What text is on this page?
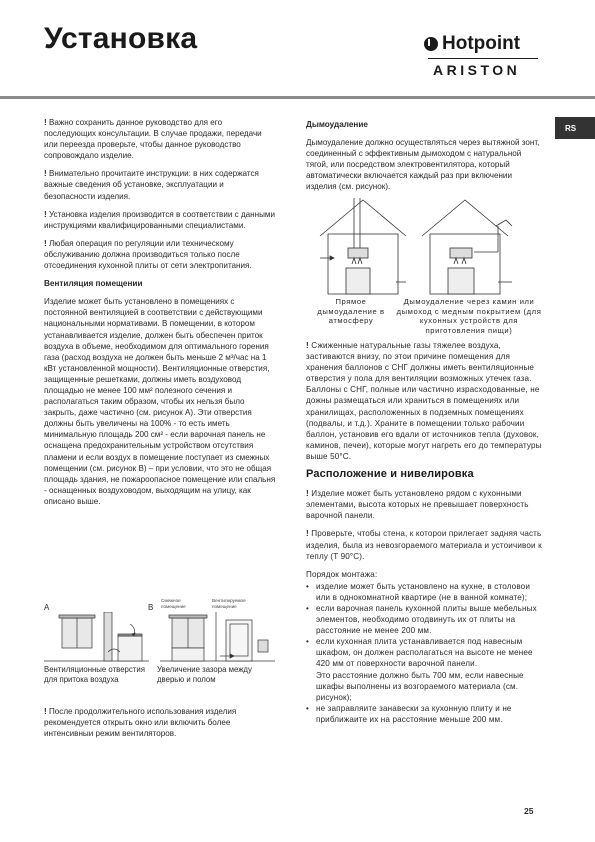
Установка	Hotpoint
ARISTON
RS

! Важно сохранить данное руководство для его последующих консультации. В случае продажи, передачи или переезда проверьте, чтобы данное руководство сопровождало изделие.

! Внимательно прочитаите инструкции: в них содержатся важные сведения об установке, эксплуатации и безопасности изделия.

! Установка изделия производится в соответствии с данными инструкциями квалифицированными специалистами.

! Любая операция по регуляции или техническому обслуживанию должна производиться только после отсоединения кухонной плиты от сети электропитания.

Вентиляция помещении

Изделие может быть установлено в помещениях с постоянной вентиляцией в соответствии с действующими национальными нормативами. В помещении, в котором устанавливается изделие, должен быть обеспечен приток воздуха в объеме, необходимом для оптимального горения газа (расход воздуха не должен быть меньше 2 м³/час на 1 кВт установленной мощности). Вентиляционные отверстия, защищенные решетками, должны иметь воздуховод площадью не менее 100 мм² полезного сечения и располагаться таким образом, чтобы их нельзя было закрыть, даже частично (см. рисунок А). Эти отверстия должны быть увеличены на 100% - то есть иметь минимальную площадь 200 см² - если варочная панель не оснащена предохранительным устройством отсутствия пламени и если воздух в помещение поступает из смежных помещении (см. рисунок В) – при условии, что это не общая площадь здания, не пожароопасное помещение или спальня - оснащенных воздуховодом, выходящим на улицу, как описано выше.

A	B
Смежное помещение
Вентилируемое помещение
Вентиляционные отверстия для притока воздуха
Увеличение зазора между дверью и полом

! После продолжительного использования изделия рекомендуется открыть окно или включить более интенсивныи режим вентиляторов.

Дымоудаление

Дымоудаление должно осуществляться через вытяжной зонт, соединенный с эффективным дымоходом с натуральной тягой, или посредством электровентилятора, который автоматически включается каждый раз при включении изделия (см. рисунок).

Прямое дымоудаление в атмосферу
Дымоудаление через камин или дымоход с медным покрытием (для кухонных устройств для приготовления пищи)

! Сжиженные натуральные газы тяжелее воздуха, застиваются внизу, по этои причине помещения для хранения баллонов с СНГ должны иметь вентиляционные отверстия у пола для вентиляции возможных утечек газа. Баллоны с СНГ, полные или частично израсходованные, не дожны размещаться или храниться в помещениях или хранилищах, расположенных в подземных помещениях (подвалы, и т.д.). Храните в помещении только рабочии баллон, установив его вдали от источников тепла (духовок, каминов, печеи), которые могут нагреть его до температуры выше 50°С.

Расположение и нивелировка

! Изделие может быть установлено рядом с кухонными элементами, высота которых не превышает поверхность варочной панели.

! Проверьте, чтобы стена, к которои прилегает задняя часть изделия, была из невозгораемого материала и устоичивои к теплу (T 90°С).

Порядок монтажа:
• изделие может быть установлено на кухне, в столовои или в однокомнатной квартире (не в ванной комнате);
• если варочная панель кухонной плиты выше мебельных элементов, необходимо отодвинуть их от плиты на расстояние не менее 200 мм.
• если кухонная плита устанавливается под навесным шкафом, он должен располагаться на высоте не менее 420 мм от поверхности варочной панели.
Это расстояние должно быть 700 мм, если навесные шкафы выполнены из возгораемого материала (см. рисунок);
• не заправляите занавески за кухонную плиту и не приближаите их на расстояние меньше 200 мм.
25
